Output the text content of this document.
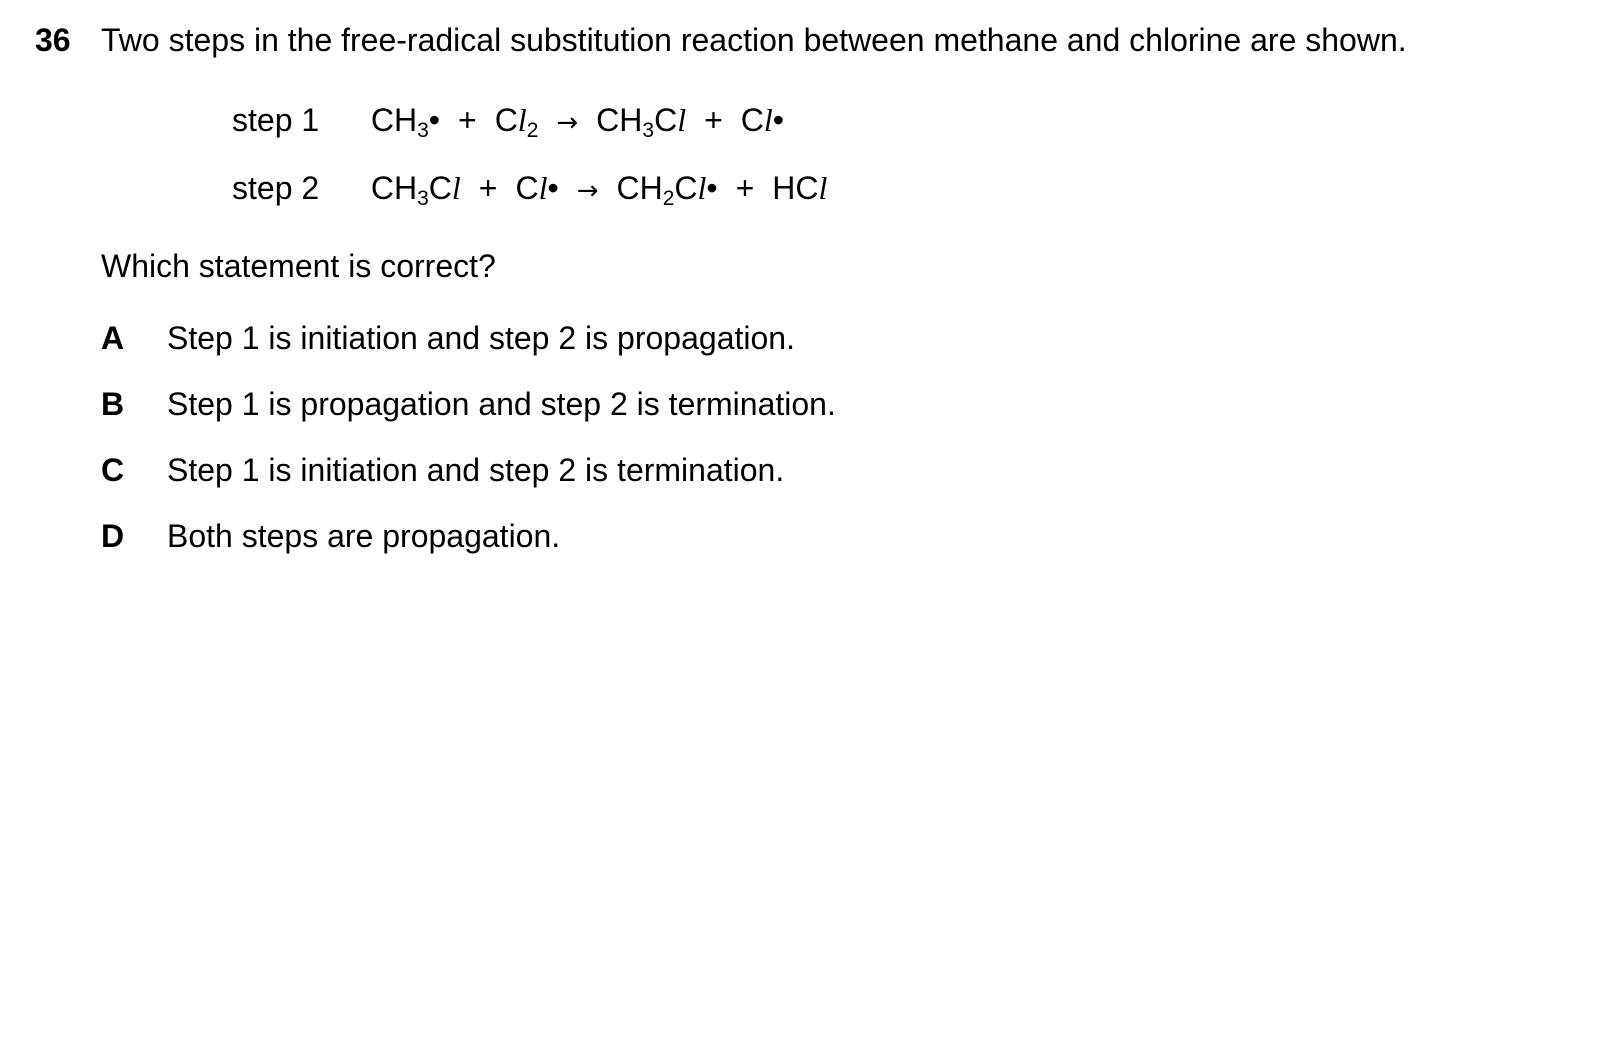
36 Two steps in the free-radical substitution reaction between methane and chlorine are shown.
step 1 $CH_3• + Cl_2 \to CH_3Cl$ + Cl•
step 2 $CH_3Cl$ + Cl• → $CH_2Cl•$ + HCl
Which statement is correct?
A Step 1 is initiation and step 2 is propagation.
B Step 1 is propagation and step 2 is termination.
C Step 1 is initiation and step 2 is termination.
D Both steps are propagation.
